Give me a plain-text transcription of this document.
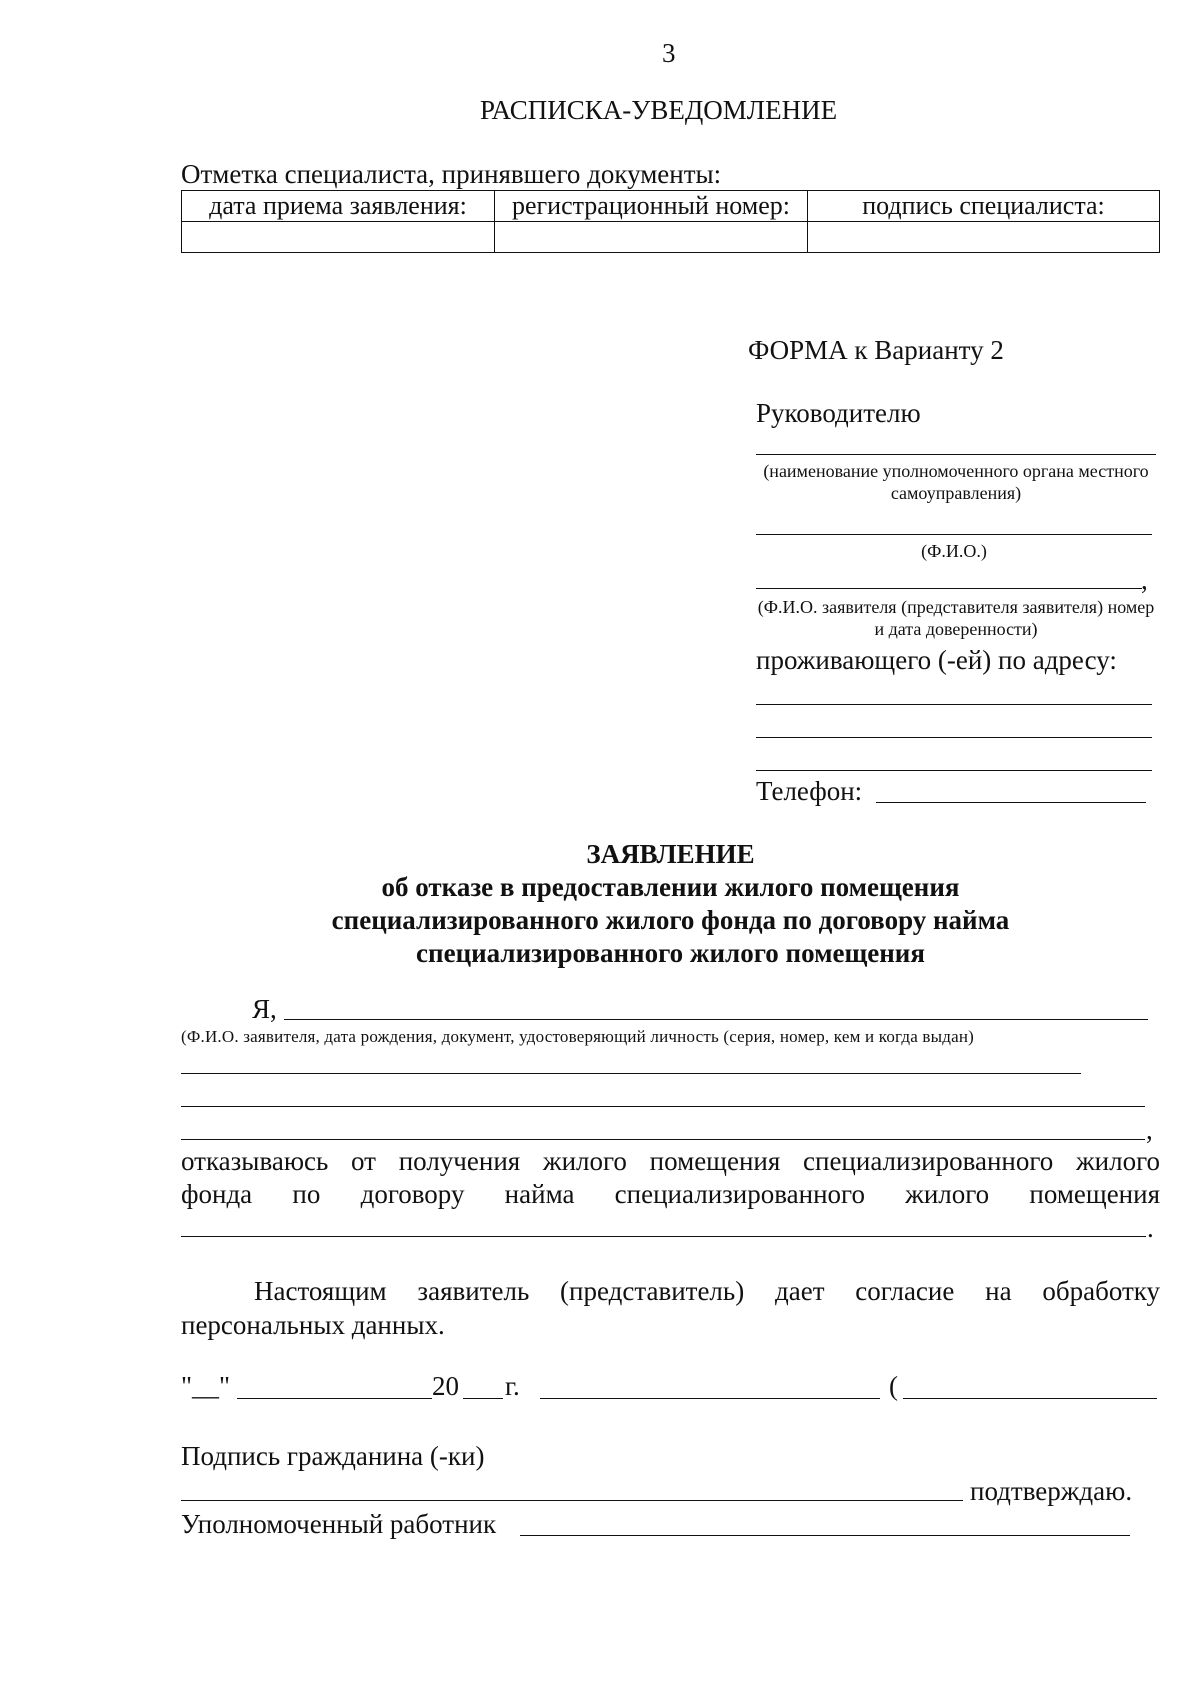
3
РАСПИСКА-УВЕДОМЛЕНИЕ
Отметка специалиста, принявшего документы:
дата приема заявления:	регистрационный номер:	подпись специалиста:

ФОРМА к Варианту 2
Руководителю
(наименование уполномоченного органа местного самоуправления)
(Ф.И.О.)
,
(Ф.И.О. заявителя (представителя заявителя) номер и дата доверенности)
проживающего (-ей) по адресу:
Телефон:
ЗАЯВЛЕНИЕ
об отказе в предоставлении жилого помещения
специализированного жилого фонда по договору найма
специализированного жилого помещения
Я,
(Ф.И.О. заявителя, дата рождения, документ, удостоверяющий личность (серия, номер, кем и когда выдан)
,
отказываюсь от получения жилого помещения специализированного жилого
фонда по договору найма специализированного жилого помещения
.
Настоящим заявитель (представитель) дает согласие на обработку
персональных данных.
"__"	20 г.	(
Подпись гражданина (-ки)
подтверждаю.
Уполномоченный работник
